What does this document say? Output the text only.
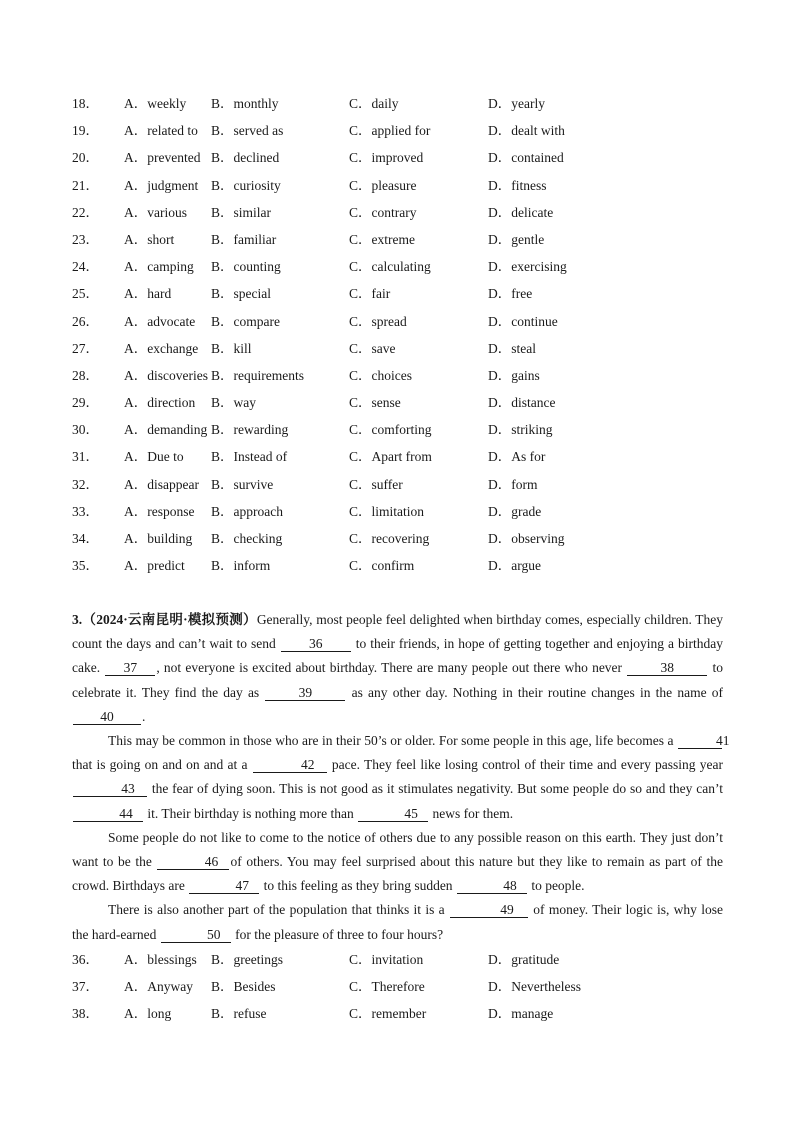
18． A．weekly B．monthly	C．daily	D．yearly
19． A．related to B．served as	C．applied for	D．dealt with
20． A．prevented B．declined	C．improved	D．contained
21． A．judgment B．curiosity	C．pleasure	D．fitness
22． A．various B．similar	C．contrary	D．delicate
23． A．short	B．familiar	C．extreme	D．gentle
24． A．camping B．counting	C．calculating	D．exercising
25． A．hard	B．special	C．fair	D．free
26． A．advocate B．compare	C．spread	D．continue
27． A．exchange B．kill	C．save	D．steal
28． A．discoveries B．requirements	C．choices	D．gains
29． A．direction B．way	C．sense	D．distance
30． A．demanding B．rewarding	C．comforting	D．striking
31． A．Due to B．Instead of	C．Apart from	D．As for
32． A．disappear B．survive	C．suffer	D．form
33． A．response B．approach	C．limitation	D．grade
34． A．building B．checking	C．recovering	D．observing
35． A．predict B．inform	C．confirm	D．argue

3.（2024·云南昆明·模拟预测）Generally, most people feel delighted when birthday comes, especially children. They count the days and can’t wait to send 36 to their friends, in hope of getting together and enjoying a birthday cake. 37 , not everyone is excited about birthday. There are many people out there who never	38	to celebrate it. They find the day as	39	as any other day. Nothing in their routine changes in the name of 40 .

This may be common in those who are in their 50’s or older. For some people in this age, life becomes a	41 that is going on and on and at a	42 pace. They feel like losing control of their time and every passing year 43 the fear of dying soon. This is not good as it stimulates negativity. But some people do so and they can’t 44 it. Their birthday is nothing more than	45 news for them.

Some people do not like to come to the notice of others due to any possible reason on this earth. They just don’t want to be the	46 of others. You may feel surprised about this nature but they like to remain as part of the crowd. Birthdays are	47 to this feeling as they bring sudden	48 to people.

There is also another part of the population that thinks it is a	49 of money. Their logic is, why lose the hard-earned	50 for the pleasure of three to four hours?

36． A．blessings B．greetings	C．invitation	D．gratitude
37． A．Anyway B．Besides	C．Therefore	D．Nevertheless
38． A．long	B．refuse	C．remember	D．manage
